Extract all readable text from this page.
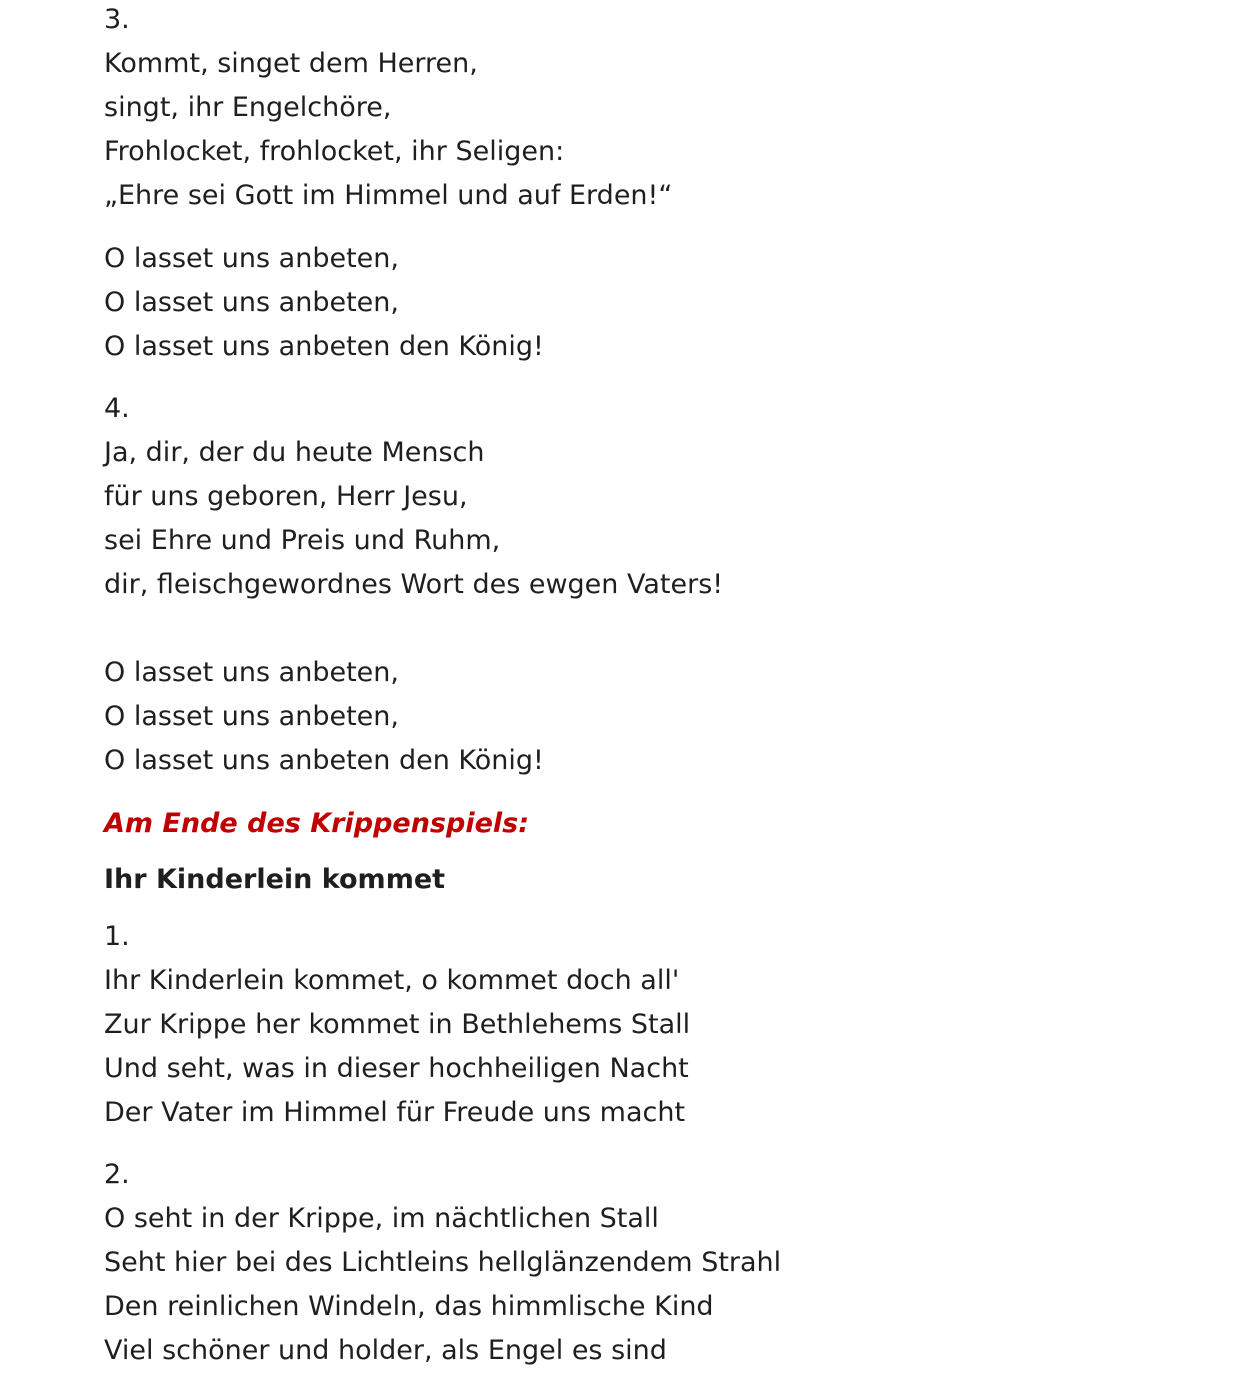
3.
Kommt, singet dem Herren,
singt, ihr Engelchöre,
Frohlocket, frohlocket, ihr Seligen:
„Ehre sei Gott im Himmel und auf Erden!“
O lasset uns anbeten,
O lasset uns anbeten,
O lasset uns anbeten den König!
4.
Ja, dir, der du heute Mensch
für uns geboren, Herr Jesu,
sei Ehre und Preis und Ruhm,
dir, fleischgewordnes Wort des ewgen Vaters!
O lasset uns anbeten,
O lasset uns anbeten,
O lasset uns anbeten den König!
Am Ende des Krippenspiels:
Ihr Kinderlein kommet
1.
Ihr Kinderlein kommet, o kommet doch all'
Zur Krippe her kommet in Bethlehems Stall
Und seht, was in dieser hochheiligen Nacht
Der Vater im Himmel für Freude uns macht
2.
O seht in der Krippe, im nächtlichen Stall
Seht hier bei des Lichtleins hellglänzendem Strahl
Den reinlichen Windeln, das himmlische Kind
Viel schöner und holder, als Engel es sind
